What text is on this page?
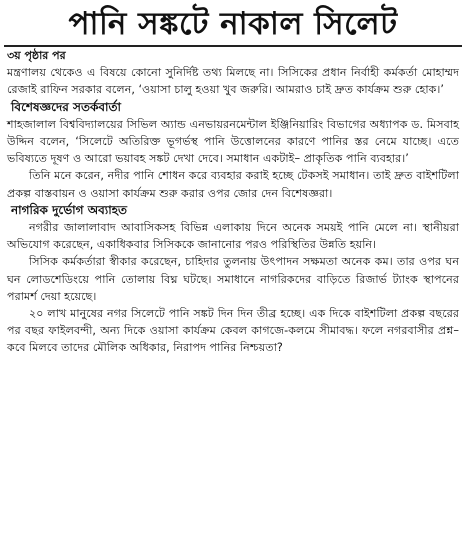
পানি সঙ্কটে নাকাল সিলেট

৩য় পৃষ্ঠার পর

মন্ত্রণালয় থেকেও এ বিষয়ে কোনো সুনির্দিষ্ট তথ্য মিলছে না। সিসিকের প্রধান নির্বাহী কর্মকর্তা মোহাম্মদ রেজাই রাফিন সরকার বলেন, ‘ওয়াসা চালু হওয়া খুব জরুরি। আমরাও চাই দ্রুত কার্যক্রম শুরু হোক।’

বিশেষজ্ঞদের সতর্কবার্তা

শাহজালাল বিশ্ববিদ্যালয়ের সিভিল অ্যান্ড এনভায়রনমেন্টাল ইঞ্জিনিয়ারিং বিভাগের অধ্যাপক ড. মিসবাহ উদ্দিন বলেন, ‘সিলেটে অতিরিক্ত ভূগর্ভস্থ পানি উত্তোলনের কারণে পানির স্তর নেমে যাচ্ছে। এতে ভবিষ্যতে দূষণ ও আরো ভয়াবহ সঙ্কট দেখা দেবে। সমাধান একটাই– প্রাকৃতিক পানি ব্যবহার।’

তিনি মনে করেন, নদীর পানি শোধন করে ব্যবহার করাই হচ্ছে টেকসই সমাধান। তাই দ্রুত বাইশটিলা প্রকল্প বাস্তবায়ন ও ওয়াসা কার্যক্রম শুরু করার ওপর জোর দেন বিশেষজ্ঞরা।

নাগরিক দুর্ভোগ অব্যাহত

নগরীর জালালাবাদ আবাসিকসহ বিভিন্ন এলাকায় দিনে অনেক সময়ই পানি মেলে না। স্থানীয়রা অভিযোগ করেছেন, একাধিকবার সিসিককে জানানোর পরও পরিস্থিতির উন্নতি হয়নি।

সিসিক কর্মকর্তারা স্বীকার করেছেন, চাহিদার তুলনায় উৎপাদন সক্ষমতা অনেক কম। তার ওপর ঘন ঘন লোডশেডিংয়ে পানি তোলায় বিঘ্ন ঘটছে। সমাধানে নাগরিকদের বাড়িতে রিজার্ভ ট্যাংক স্থাপনের পরামর্শ দেয়া হয়েছে।

২০ লাখ মানুষের নগর সিলেটে পানি সঙ্কট দিন দিন তীব্র হচ্ছে। এক দিকে বাইশটিলা প্রকল্প বছরের পর বছর ফাইলবন্দী, অন্য দিকে ওয়াসা কার্যক্রম কেবল কাগজে-কলমে সীমাবদ্ধ। ফলে নগরবাসীর প্রশ্ন– কবে মিলবে তাদের মৌলিক অধিকার, নিরাপদ পানির নিশ্চয়তা?
